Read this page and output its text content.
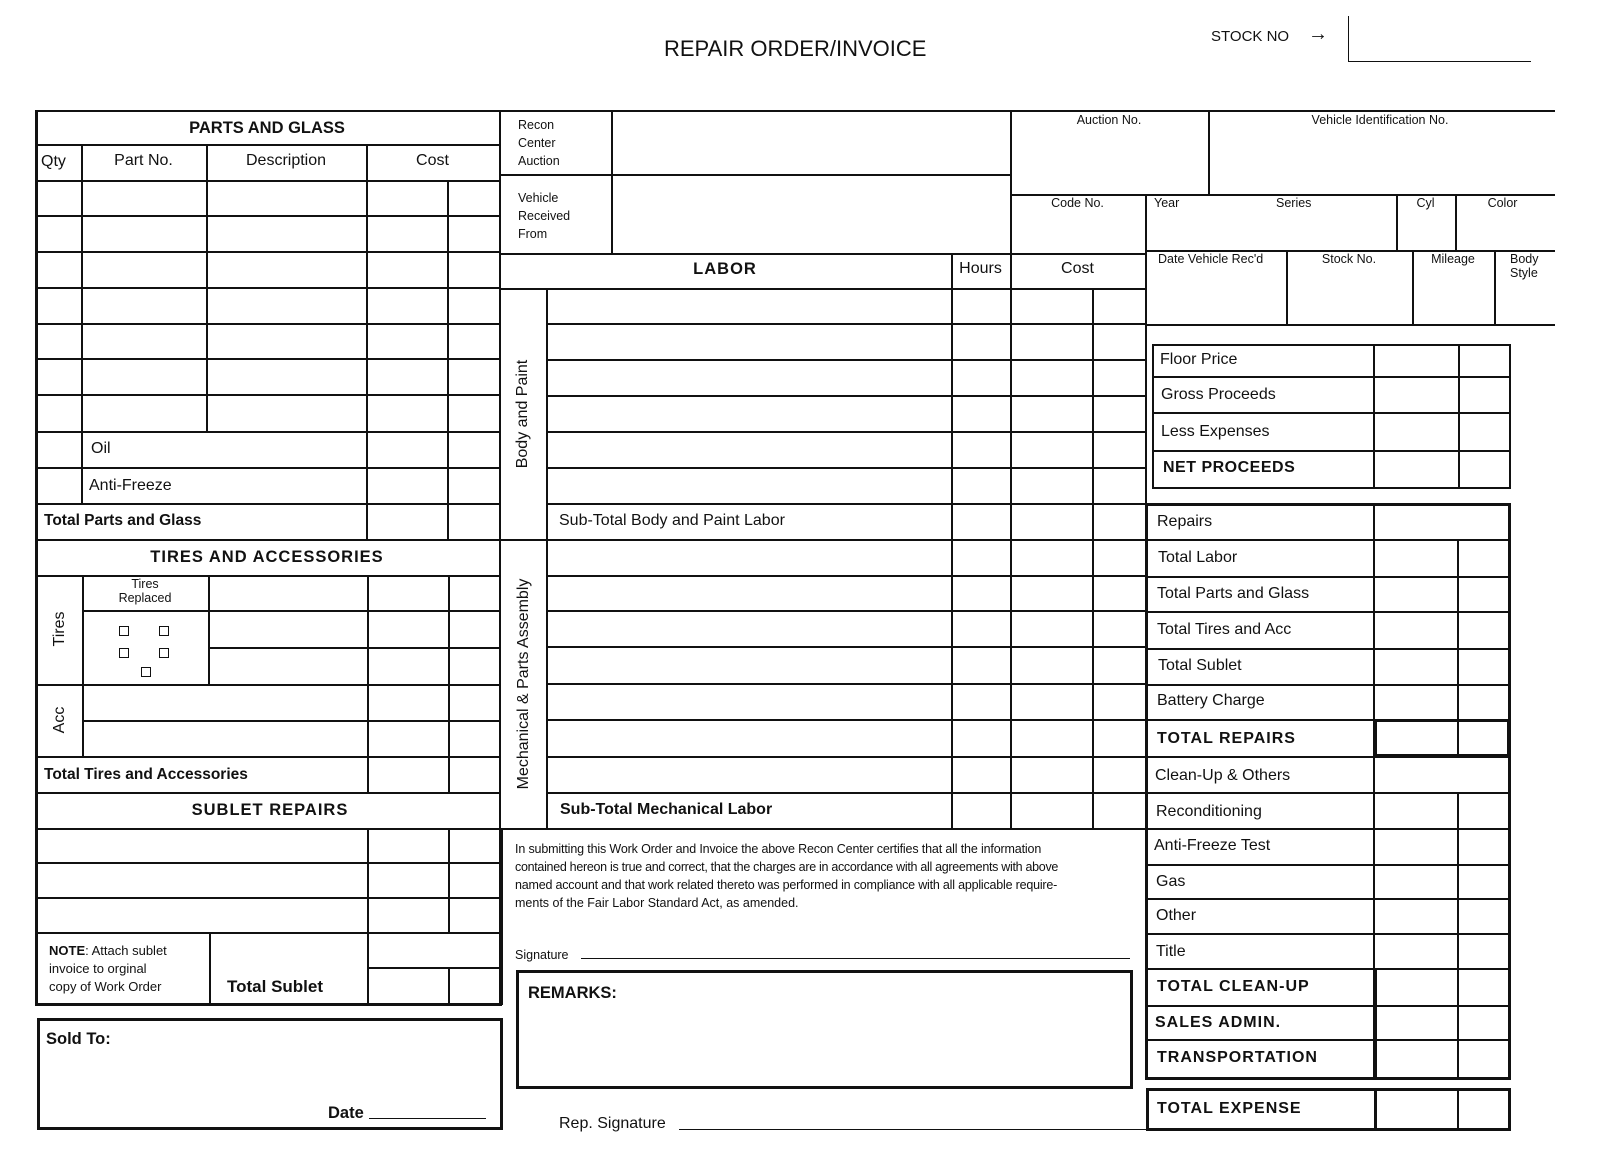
REPAIR ORDER/INVOICE	STOCK NO →
PARTS AND GLASS
Qty	Part No.	Description	Cost
Oil
Anti-Freeze
Total Parts and Glass
TIRES AND ACCESSORIES
Tires
Tires
Replaced
Acc
Total Tires and Accessories
SUBLET REPAIRS
NOTE: Attach sublet
invoice to orginal
copy of Work Order	Total Sublet
Sold To:
Date
Recon
Center
Auction
Vehicle
Received
From
Auction No.	Vehicle Identification No.
Code No.	Year	Series	Cyl	Color
Date Vehicle Rec'd	Stock No.	Mileage	Body
Style
LABOR	Hours	Cost
Body and Paint
Mechanical & Parts Assembly
Sub-Total Body and Paint Labor
Sub-Total Mechanical Labor
In submitting this Work Order and Invoice the above Recon Center certifies that all the information
contained hereon is true and correct, that the charges are in accordance with all agreements with above
named account and that work related thereto was performed in compliance with all applicable require-
ments of the Fair Labor Standard Act, as amended.
Signature
REMARKS:
Rep. Signature
Floor Price
Gross Proceeds
Less Expenses
NET PROCEEDS
Repairs
Total Labor
Total Parts and Glass
Total Tires and Acc
Total Sublet
Battery Charge
TOTAL REPAIRS
Clean-Up & Others
Reconditioning
Anti-Freeze Test
Gas
Other
Title
TOTAL CLEAN-UP
SALES ADMIN.
TRANSPORTATION
TOTAL EXPENSE
